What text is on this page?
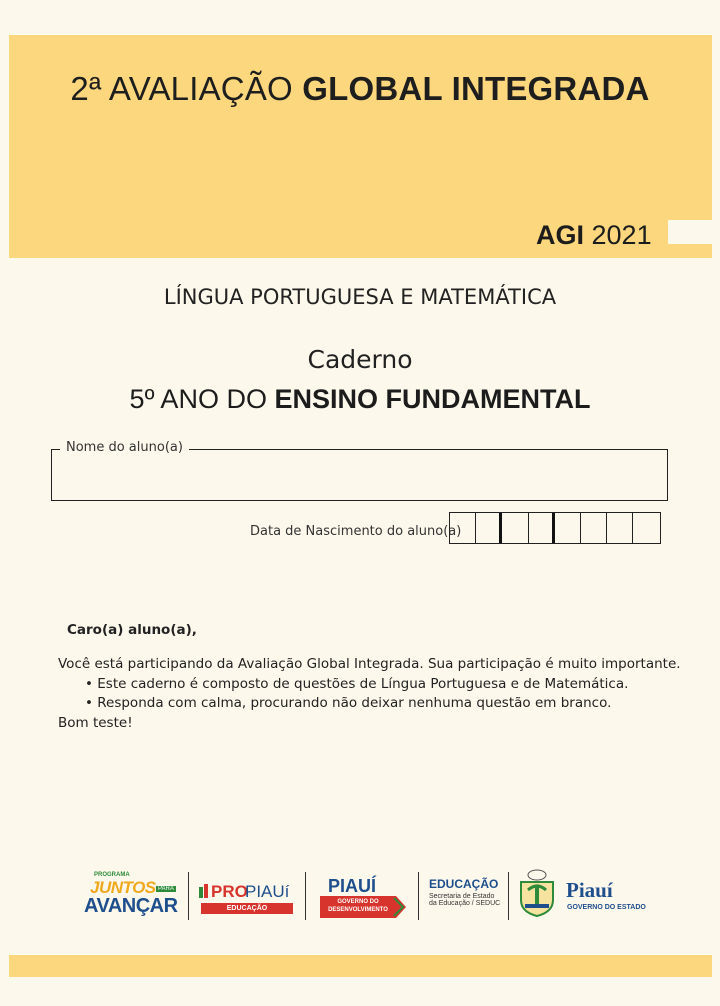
2ª AVALIAÇÃO GLOBAL INTEGRADA
AGI 2021
LÍNGUA PORTUGUESA E MATEMÁTICA
Caderno
5º ANO DO ENSINO FUNDAMENTAL
Nome do aluno(a)
Data de Nascimento do aluno(a)
Caro(a) aluno(a),
Você está participando da Avaliação Global Integrada. Sua participação é muito importante.
• Este caderno é composto de questões de Língua Portuguesa e de Matemática.
• Responda com calma, procurando não deixar nenhuma questão em branco.
Bom teste!
PROGRAMA
JUNTOS PARA
AVANÇAR
PRO
PIAUí
EDUCAÇÃO
PIAUÍ
GOVERNO DO
DESENVOLVIMENTO
EDUCAÇÃO
Secretaria de Estado
da Educação / SEDUC
Piauí
GOVERNO DO ESTADO
